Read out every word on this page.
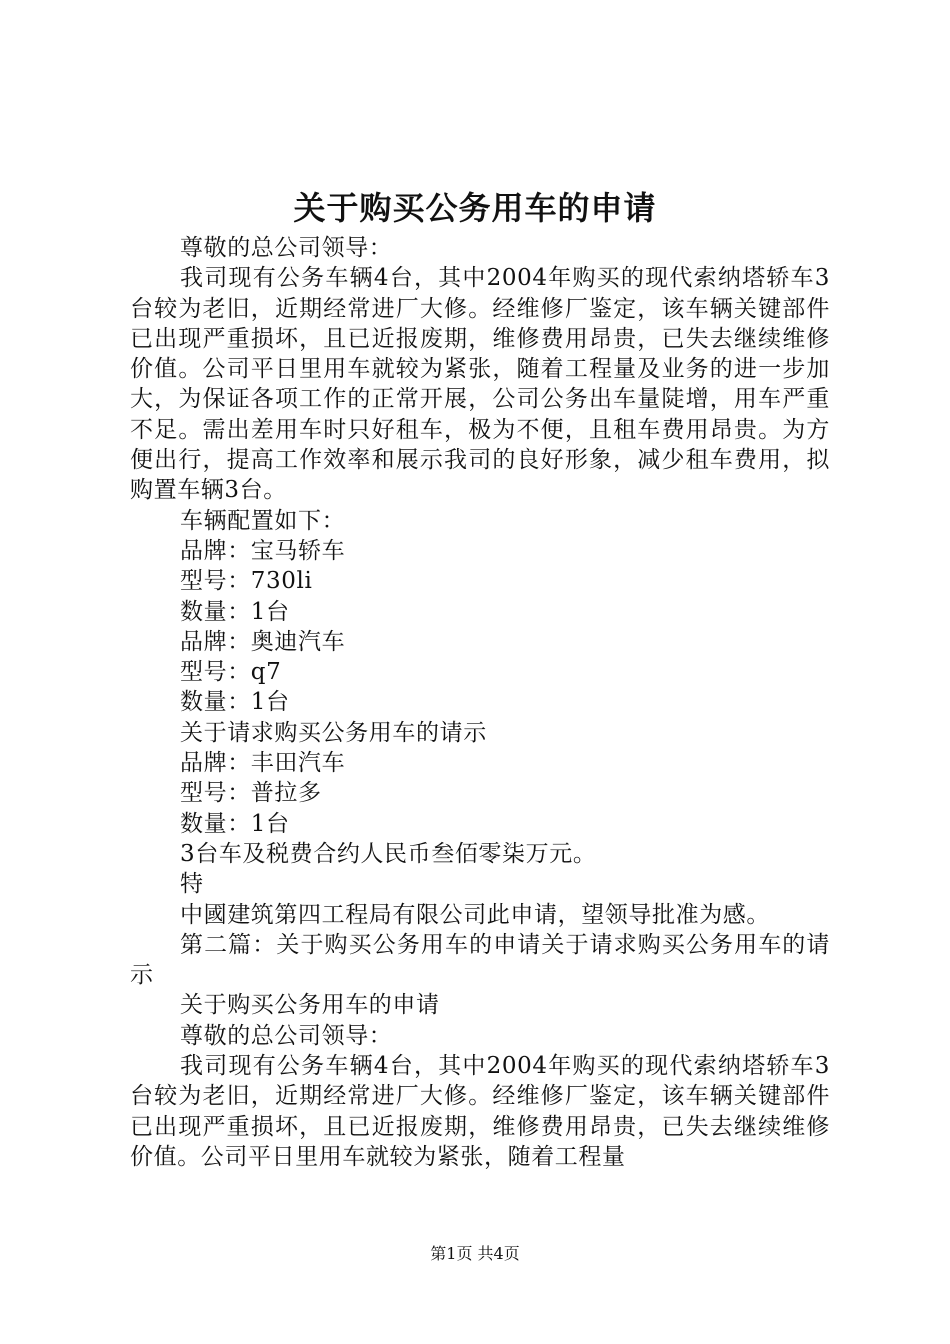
关于购买公务用车的申请

尊敬的总公司领导：

我司现有公务车辆4台，其中2004年购买的现代索纳塔轿车3台较为老旧，近期经常进厂大修。经维修厂鉴定，该车辆关键部件已出现严重损坏，且已近报废期，维修费用昂贵，已失去继续维修价值。公司平日里用车就较为紧张，随着工程量及业务的进一步加大，为保证各项工作的正常开展，公司公务出车量陡增，用车严重不足。需出差用车时只好租车，极为不便，且租车费用昂贵。为方便出行，提高工作效率和展示我司的良好形象，减少租车费用，拟购置车辆3台。

车辆配置如下：

品牌：宝马轿车

型号：730li

数量：1台

品牌：奥迪汽车

型号：q7

数量：1台

关于请求购买公务用车的请示

品牌：丰田汽车

型号：普拉多

数量：1台

3台车及税费合约人民币叁佰零柒万元。

特

中國建筑第四工程局有限公司此申请，望领导批准为感。

第二篇：关于购买公务用车的申请关于请求购买公务用车的请示

关于购买公务用车的申请

尊敬的总公司领导：

我司现有公务车辆4台，其中2004年购买的现代索纳塔轿车3台较为老旧，近期经常进厂大修。经维修厂鉴定，该车辆关键部件已出现严重损坏，且已近报废期，维修费用昂贵，已失去继续维修价值。公司平日里用车就较为紧张，随着工程量

第1页 共4页
